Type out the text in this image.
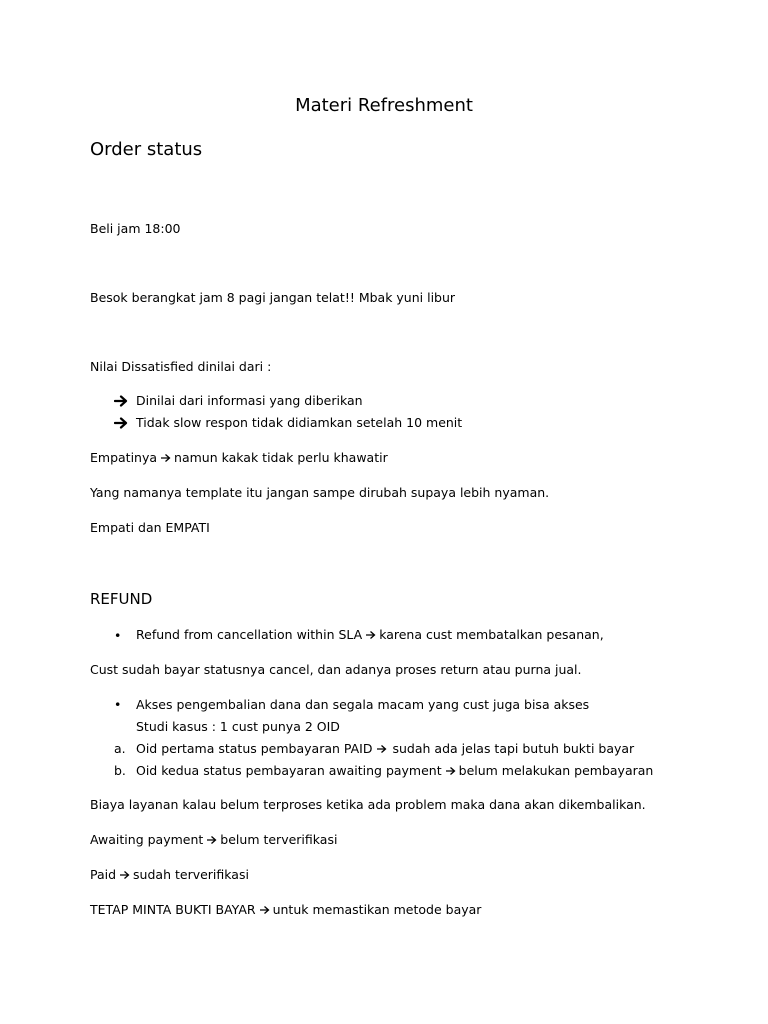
Materi Refreshment
Order status
Beli jam 18:00
Besok berangkat jam 8 pagi jangan telat!! Mbak yuni libur
Nilai Dissatisfied dinilai dari :
Dinilai dari informasi yang diberikan
Tidak slow respon tidak didiamkan setelah 10 menit
Empatinya namun kakak tidak perlu khawatir
Yang namanya template itu jangan sampe dirubah supaya lebih nyaman.
Empati dan EMPATI
REFUND
•	Refund from cancellation within SLA karena cust membatalkan pesanan,
Cust sudah bayar statusnya cancel, dan adanya proses return atau purna jual.
•	Akses pengembalian dana dan segala macam yang cust juga bisa akses
Studi kasus : 1 cust punya 2 OID
a. Oid pertama status pembayaran PAID sudah ada jelas tapi butuh bukti bayar
b. Oid kedua status pembayaran awaiting payment belum melakukan pembayaran
Biaya layanan kalau belum terproses ketika ada problem maka dana akan dikembalikan.
Awaiting payment belum terverifikasi
Paid sudah terverifikasi
TETAP MINTA BUKTI BAYAR untuk memastikan metode bayar
